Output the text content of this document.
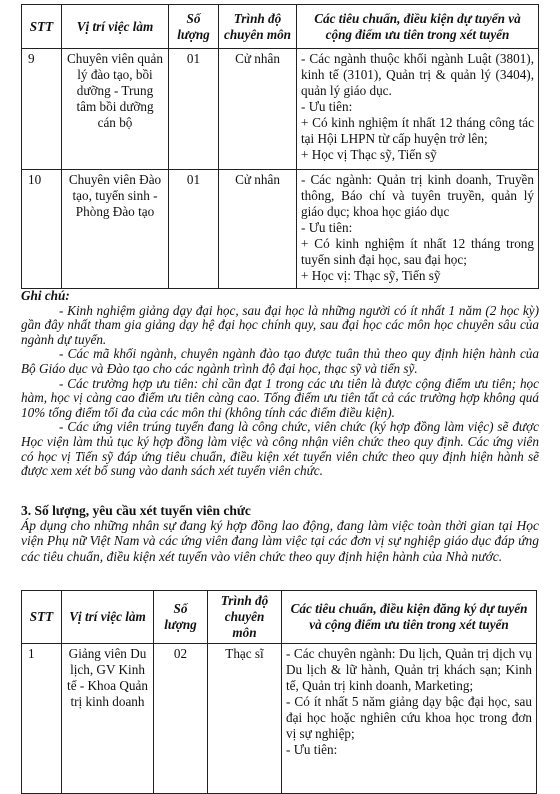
STT	Vị trí việc làm	Số lượng	Trình độ chuyên môn	Các tiêu chuẩn, điều kiện dự tuyển và cộng điểm ưu tiên trong xét tuyển
9	Chuyên viên quản lý đào tạo, bồi dưỡng - Trung tâm bồi dưỡng cán bộ	01	Cử nhân	- Các ngành thuộc khối ngành Luật (3801), kinh tế (3101), Quản trị & quản lý (3404), quản lý giáo dục.
- Ưu tiên:
+ Có kinh nghiệm ít nhất 12 tháng công tác tại Hội LHPN từ cấp huyện trở lên;
+ Học vị Thạc sỹ, Tiến sỹ

10	Chuyên viên Đào tạo, tuyển sinh - Phòng Đào tạo	01	Cử nhân	- Các ngành: Quản trị kinh doanh, Truyền thông, Báo chí và tuyên truyền, quản lý giáo dục; khoa học giáo dục
- Ưu tiên:
+ Có kinh nghiệm ít nhất 12 tháng trong tuyển sinh đại học, sau đại học;
+ Học vị: Thạc sỹ, Tiến sỹ

Ghi chú:

- Kinh nghiệm giảng dạy đại học, sau đại học là những người có ít nhất 1 năm (2 học kỳ) gần đây nhất tham gia giảng dạy hệ đại học chính quy, sau đại học các môn học chuyên sâu của ngành dự tuyển.

- Các mã khối ngành, chuyên ngành đào tạo được tuân thủ theo quy định hiện hành của Bộ Giáo dục và Đào tạo cho các ngành trình độ đại học, thạc sỹ và tiến sỹ.

- Các trường hợp ưu tiên: chỉ cần đạt 1 trong các ưu tiên là được cộng điểm ưu tiên; học hàm, học vị càng cao điểm ưu tiên càng cao. Tổng điểm ưu tiên tất cả các trường hợp không quá 10% tổng điểm tối đa của các môn thi (không tính các điểm điều kiện).

- Các ứng viên trúng tuyển đang là công chức, viên chức (ký hợp đồng làm việc) sẽ được Học viện làm thủ tục ký hợp đồng làm việc và công nhận viên chức theo quy định. Các ứng viên có học vị Tiến sỹ đáp ứng tiêu chuẩn, điều kiện xét tuyển viên chức theo quy định hiện hành sẽ được xem xét bổ sung vào danh sách xét tuyển viên chức.

3. Số lượng, yêu cầu xét tuyển viên chức
Áp dụng cho những nhân sự đang ký hợp đồng lao động, đang làm việc toàn thời gian tại Học viện Phụ nữ Việt Nam và các ứng viên đang làm việc tại các đơn vị sự nghiệp giáo dục đáp ứng các tiêu chuẩn, điều kiện xét tuyển vào viên chức theo quy định hiện hành của Nhà nước.
STT	Vị trí việc làm	Số lượng	Trình độ chuyên môn	Các tiêu chuẩn, điều kiện đăng ký dự tuyển và cộng điểm ưu tiên trong xét tuyển
1	Giảng viên Du lịch, GV Kinh tế - Khoa Quản trị kinh doanh	02	Thạc sĩ	- Các chuyên ngành: Du lịch, Quản trị dịch vụ Du lịch & lữ hành, Quản trị khách sạn; Kinh tế, Quản trị kinh doanh, Marketing;
- Có ít nhất 5 năm giảng dạy bậc đại học, sau đại học hoặc nghiên cứu khoa học trong đơn vị sự nghiệp;
- Ưu tiên:
